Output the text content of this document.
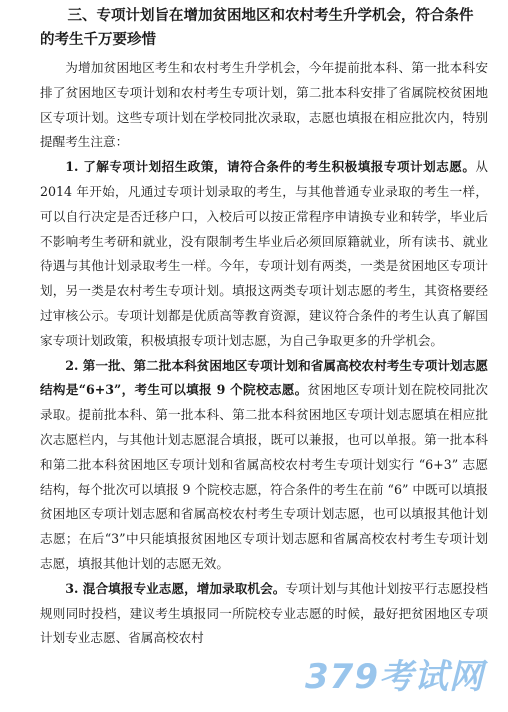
三、专项计划旨在增加贫困地区和农村考生升学机会，符合条件的考生千万要珍惜

为增加贫困地区考生和农村考生升学机会，今年提前批本科、第一批本科安排了贫困地区专项计划和农村考生专项计划，第二批本科安排了省属院校贫困地区专项计划。这些专项计划在学校同批次录取，志愿也填报在相应批次内，特别提醒考生注意：

1. 了解专项计划招生政策，请符合条件的考生积极填报专项计划志愿。从 2014 年开始，凡通过专项计划录取的考生，与其他普通专业录取的考生一样，可以自行决定是否迁移户口，入校后可以按正常程序申请换专业和转学，毕业后不影响考生考研和就业，没有限制考生毕业后必须回原籍就业，所有读书、就业待遇与其他计划录取考生一样。今年，专项计划有两类，一类是贫困地区专项计划，另一类是农村考生专项计划。填报这两类专项计划志愿的考生，其资格要经过审核公示。专项计划都是优质高等教育资源，建议符合条件的考生认真了解国家专项计划政策，积极填报专项计划志愿，为自己争取更多的升学机会。

2. 第一批、第二批本科贫困地区专项计划和省属高校农村考生专项计划志愿结构是“6+3”，考生可以填报 9 个院校志愿。贫困地区专项计划在院校同批次录取。提前批本科、第一批本科、第二批本科贫困地区专项计划志愿填在相应批次志愿栏内，与其他计划志愿混合填报，既可以兼报，也可以单报。第一批本科和第二批本科贫困地区专项计划和省属高校农村考生专项计划实行 “6+3” 志愿结构，每个批次可以填报 9 个院校志愿，符合条件的考生在前 “6” 中既可以填报贫困地区专项计划志愿和省属高校农村考生专项计划志愿，也可以填报其他计划志愿；在后“3”中只能填报贫困地区专项计划志愿和省属高校农村考生专项计划志愿，填报其他计划的志愿无效。

3. 混合填报专业志愿，增加录取机会。专项计划与其他计划按平行志愿投档规则同时投档，建议考生填报同一所院校专业志愿的时候，最好把贫困地区专项计划专业志愿、省属高校农村

379考试网
